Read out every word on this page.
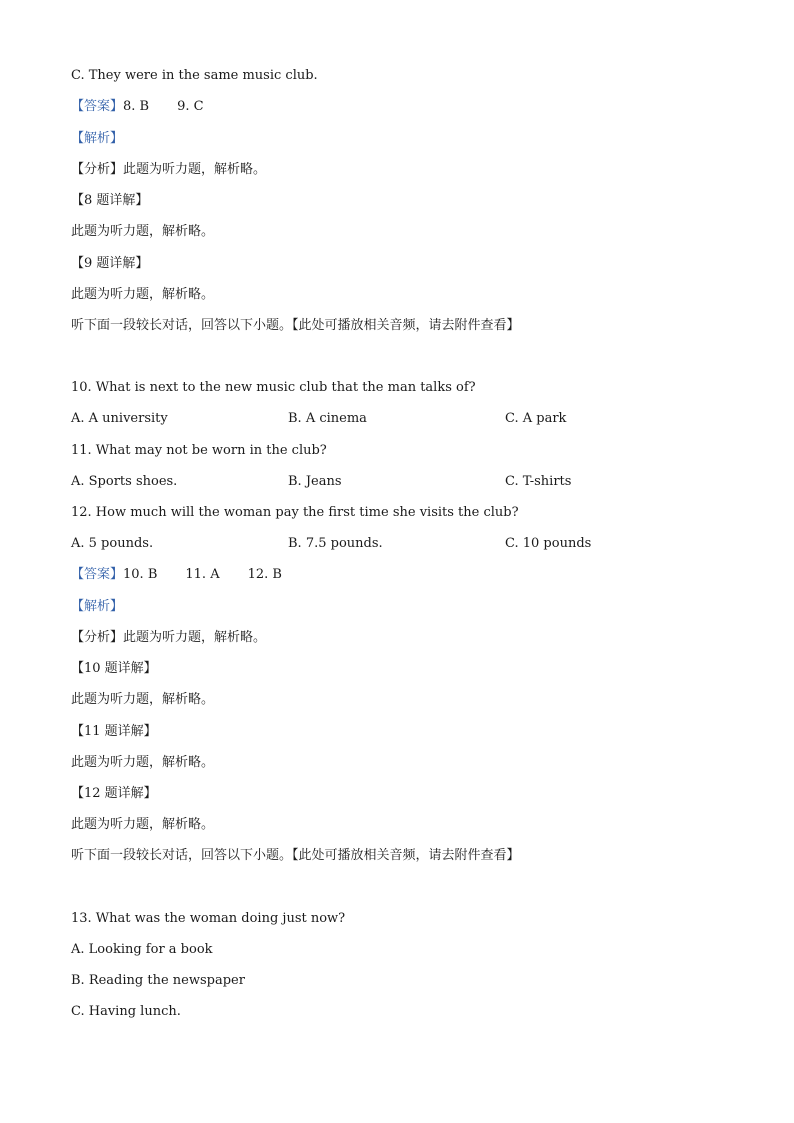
C. They were in the same music club.
【答案】8. B 9. C
【解析】
【分析】此题为听力题，解析略。
【8 题详解】
此题为听力题，解析略。
【9 题详解】
此题为听力题，解析略。
听下面一段较长对话，回答以下小题。【此处可播放相关音频，请去附件查看】
10. What is next to the new music club that the man talks of?
A. A university	B. A cinema	C. A park
11. What may not be worn in the club?
A. Sports shoes.	B. Jeans	C. T-shirts
12. How much will the woman pay the first time she visits the club?
A. 5 pounds.	B. 7.5 pounds.	C. 10 pounds
【答案】10. B 11. A 12. B
【解析】
【分析】此题为听力题，解析略。
【10 题详解】
此题为听力题，解析略。
【11 题详解】
此题为听力题，解析略。
【12 题详解】
此题为听力题，解析略。
听下面一段较长对话，回答以下小题。【此处可播放相关音频，请去附件查看】
13. What was the woman doing just now?
A. Looking for a book
B. Reading the newspaper
C. Having lunch.
